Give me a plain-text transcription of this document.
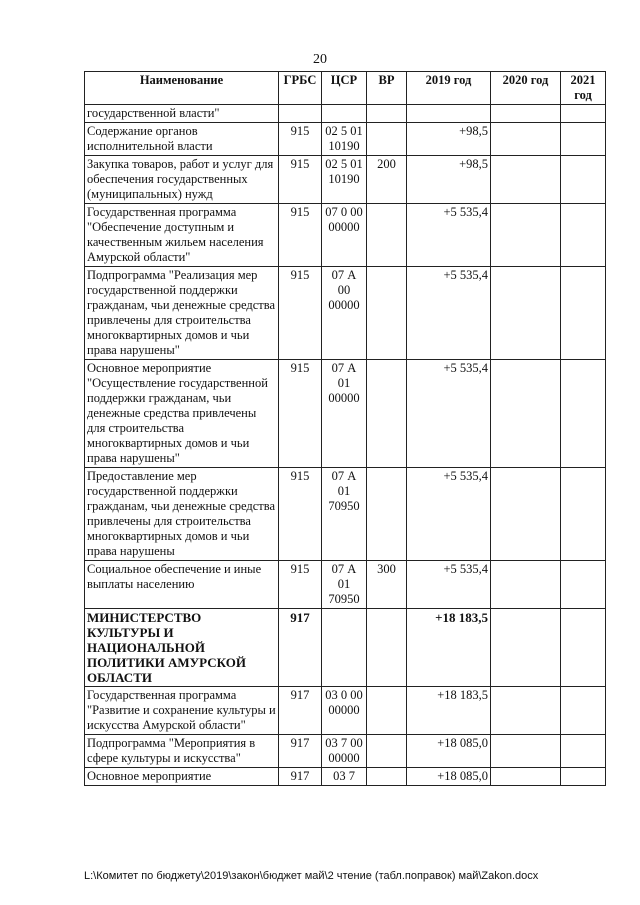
20
Наименование	ГРБС	ЦСР	ВР	2019 год	2020 год	2021 год
государственной власти"						
Содержание органов исполнительной власти	915	02 5 01 10190		+98,5		
Закупка товаров, работ и услуг для обеспечения государственных (муниципальных) нужд	915	02 5 01 10190	200	+98,5		
Государственная программа "Обеспечение доступным и качественным жильем населения Амурской области"	915	07 0 00 00000		+5 535,4		
Подпрограмма "Реализация мер государственной поддержки гражданам, чьи денежные средства привлечены для строительства многоквартирных домов и чьи права нарушены"	915	07 А 00 00000		+5 535,4		
Основное мероприятие "Осуществление государственной поддержки гражданам, чьи денежные средства привлечены для строительства многоквартирных домов и чьи права нарушены"	915	07 А 01 00000		+5 535,4		
Предоставление мер государственной поддержки гражданам, чьи денежные средства привлечены для строительства многоквартирных домов и чьи права нарушены	915	07 А 01 70950		+5 535,4		
Социальное обеспечение и иные выплаты населению	915	07 А 01 70950	300	+5 535,4		
МИНИСТЕРСТВО КУЛЬТУРЫ И НАЦИОНАЛЬНОЙ ПОЛИТИКИ АМУРСКОЙ ОБЛАСТИ	917			+18 183,5		
Государственная программа "Развитие и сохранение культуры и искусства Амурской области"	917	03 0 00 00000		+18 183,5		
Подпрограмма "Мероприятия в сфере культуры и искусства"	917	03 7 00 00000		+18 085,0		
Основное мероприятие	917	03 7		+18 085,0		
L:\Комитет по бюджету\2019\закон\бюджет май\2 чтение (табл.поправок) май\Zakon.docx
